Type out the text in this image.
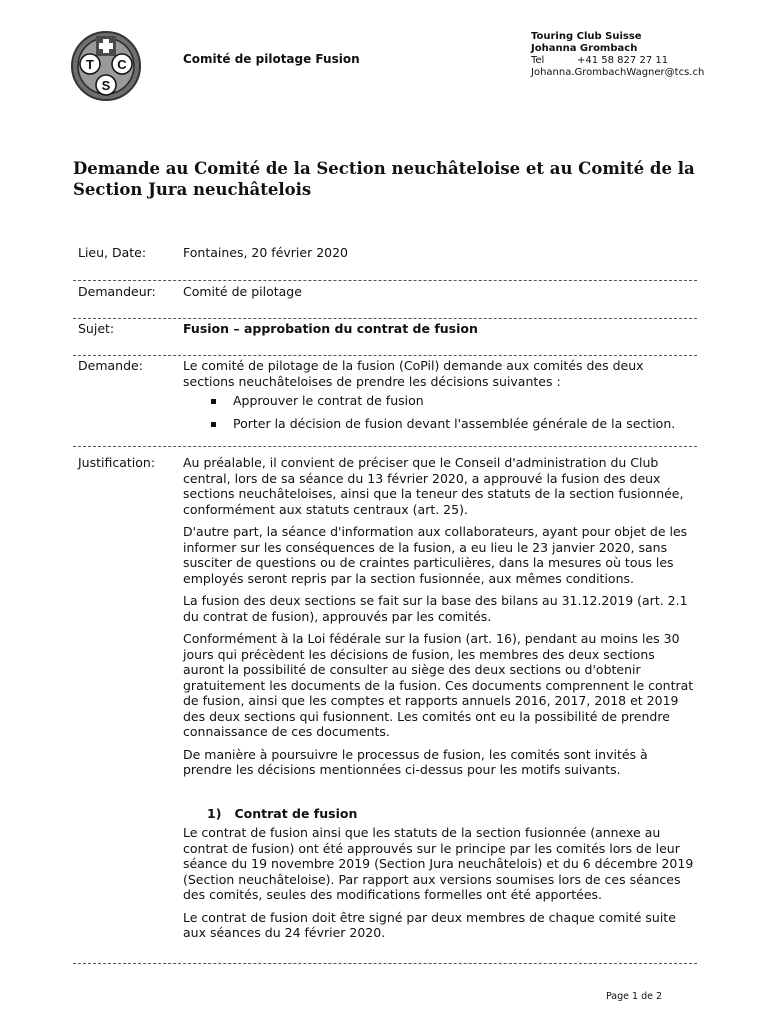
T C
S
Comité de pilotage Fusion
Touring Club Suisse
Johanna Grombach
Tel	+41 58 827 27 11
Johanna.GrombachWagner@tcs.ch
Demande au Comité de la Section neuchâteloise et au Comité de la Section Jura neuchâtelois
Lieu, Date:	Fontaines, 20 février 2020
Demandeur: Comité de pilotage
Sujet:	Fusion – approbation du contrat de fusion
Demande:	Le comité de pilotage de la fusion (CoPil) demande aux comités des deux sections neuchâteloises de prendre les décisions suivantes :
Approuver le contrat de fusion
Porter la décision de fusion devant l'assemblée générale de la section.
Justification: Au préalable, il convient de préciser que le Conseil d'administration du Club central, lors de sa séance du 13 février 2020, a approuvé la fusion des deux sections neuchâteloises, ainsi que la teneur des statuts de la section fusionnée, conformément aux statuts centraux (art. 25).

D'autre part, la séance d'information aux collaborateurs, ayant pour objet de les informer sur les conséquences de la fusion, a eu lieu le 23 janvier 2020, sans susciter de questions ou de craintes particulières, dans la mesures où tous les employés seront repris par la section fusionnée, aux mêmes conditions.

La fusion des deux sections se fait sur la base des bilans au 31.12.2019 (art. 2.1 du contrat de fusion), approuvés par les comités.

Conformément à la Loi fédérale sur la fusion (art. 16), pendant au moins les 30 jours qui précèdent les décisions de fusion, les membres des deux sections auront la possibilité de consulter au siège des deux sections ou d'obtenir gratuitement les documents de la fusion. Ces documents comprennent le contrat de fusion, ainsi que les comptes et rapports annuels 2016, 2017, 2018 et 2019 des deux sections qui fusionnent. Les comités ont eu la possibilité de prendre connaissance de ces documents.

De manière à poursuivre le processus de fusion, les comités sont invités à prendre les décisions mentionnées ci-dessus pour les motifs suivants.

1)   Contrat de fusion

Le contrat de fusion ainsi que les statuts de la section fusionnée (annexe au contrat de fusion) ont été approuvés sur le principe par les comités lors de leur séance du 19 novembre 2019 (Section Jura neuchâtelois) et du 6 décembre 2019 (Section neuchâteloise). Par rapport aux versions soumises lors de ces séances des comités, seules des modifications formelles ont été apportées.

Le contrat de fusion doit être signé par deux membres de chaque comité suite aux séances du 24 février 2020.

Page 1 de 2
